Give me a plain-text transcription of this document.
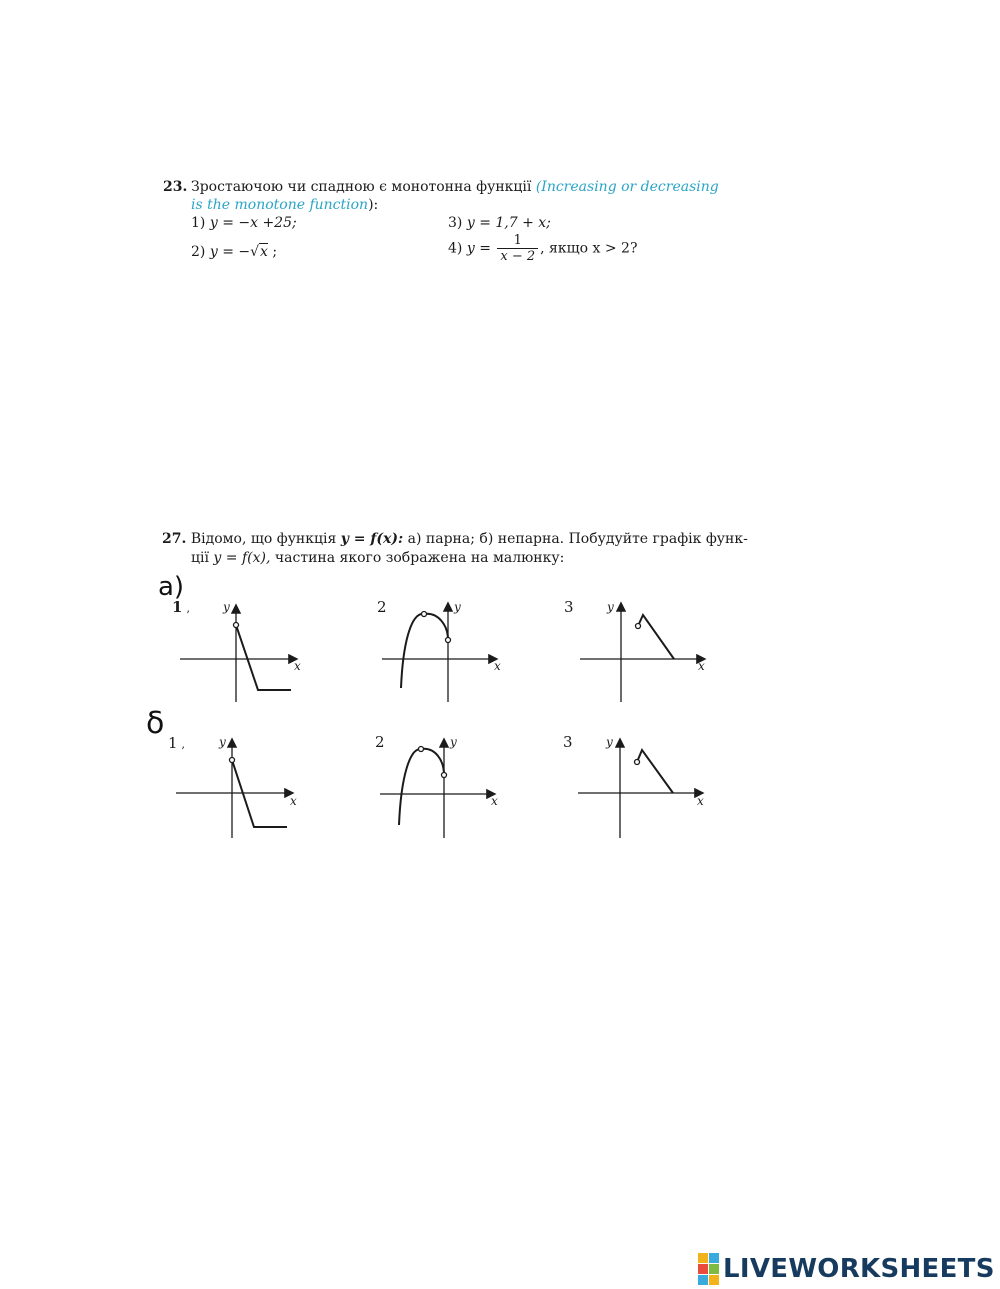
23. Зростаючою чи спадною є монотонна функції (Increasing or decreasing is the monotone function):
1) y = −x +25;	3) y = 1,7 + x;
2) y = −√x ;	4) $y = \frac{1}{x - 2}$ , якщо x > 2?
27. Відомо, що функція y = f(x): а) парна; б) непарна. Побудуйте графік функ-
ції y = f(x), частина якого зображена на малюнку:
a)
δ
1 ,	2	3
1 ,	2	3
x
y
x
y
x
y
x
y
x
y
x
y
LIVEWORKSHEETS
